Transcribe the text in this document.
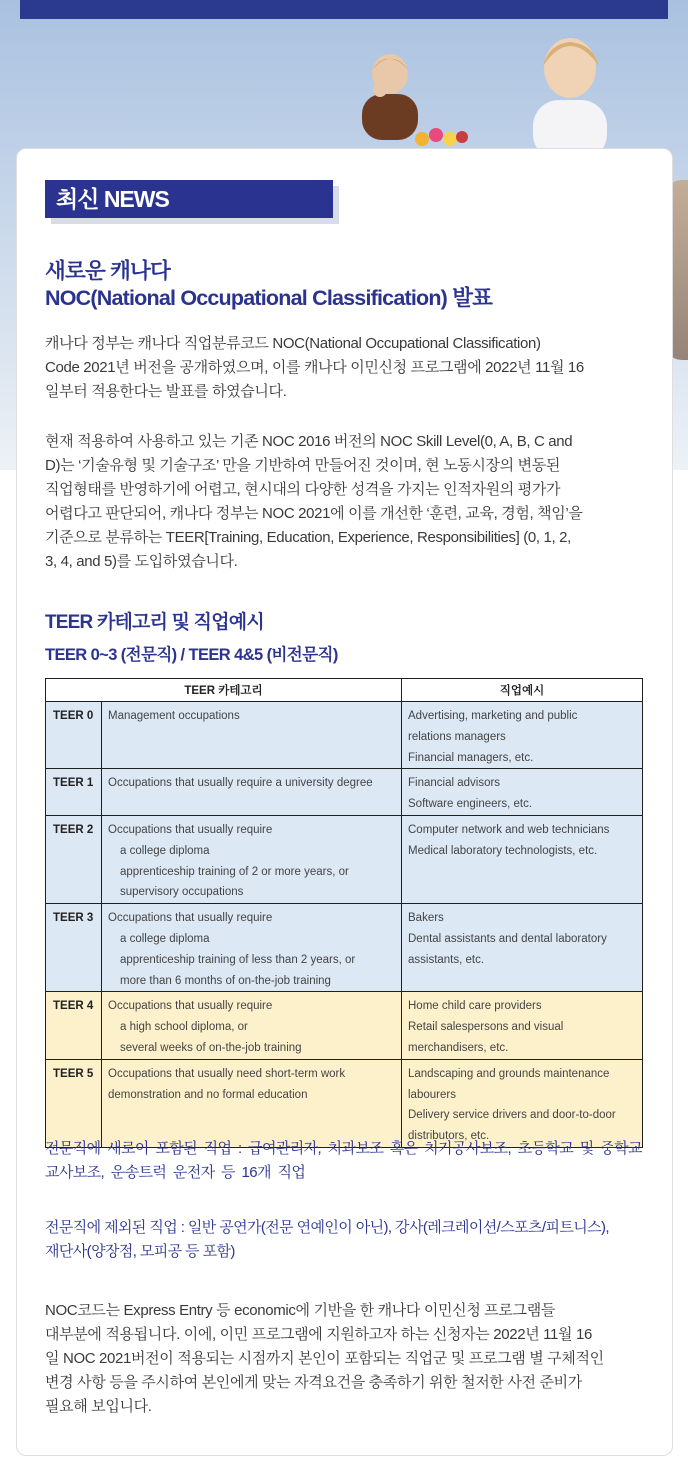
최신 NEWS
새로운 캐나다
NOC(National Occupational Classification) 발표
캐나다 정부는 캐나다 직업분류코드 NOC(National Occupational Classification)
Code 2021년 버전을 공개하였으며, 이를 캐나다 이민신청 프로그램에 2022년 11월 16
일부터 적용한다는 발표를 하였습니다.
현재 적용하여 사용하고 있는 기존 NOC 2016 버전의 NOC Skill Level(0, A, B, C and
D)는 ‘기술유형 및 기술구조’ 만을 기반하여 만들어진 것이며, 현 노동시장의 변동된
직업형태를 반영하기에 어렵고, 현시대의 다양한 성격을 가지는 인적자원의 평가가
어렵다고 판단되어, 캐나다 정부는 NOC 2021에 이를 개선한 ‘훈련, 교육, 경험, 책임’을
기준으로 분류하는 TEER[Training, Education, Experience, Responsibilities] (0, 1, 2,
3, 4, and 5)를 도입하였습니다.
TEER 카테고리 및 직업예시
TEER 0~3 (전문직) / TEER 4&5 (비전문직)
TEER 카테고리		직업예시
TEER 0	Management occupations	Advertising, marketing and public
relations managers
Financial managers, etc.

TEER 1	Occupations that usually require a university degree	Financial advisors
Software engineers, etc.

TEER 2	Occupations that usually require
a college diploma
apprenticeship training of 2 or more years, or
supervisory occupations	Computer network and web technicians
Medical laboratory technologists, etc.

TEER 3	Occupations that usually require
a college diploma
apprenticeship training of less than 2 years, or
more than 6 months of on-the-job training	Bakers
Dental assistants and dental laboratory
assistants, etc.

TEER 4	Occupations that usually require
a high school diploma, or
several weeks of on-the-job training	Home child care providers
Retail salespersons and visual
merchandisers, etc.

TEER 5	Occupations that usually need short-term work
demonstration and no formal education	Landscaping and grounds maintenance
labourers
Delivery service drivers and door-to-door
distributors, etc.
전문직에 새로이 포함된 직업 : 급여관리자, 치과보조 혹은 치기공사보조, 초등학교 및 중학교
교사보조, 운송트럭 운전자 등 16개 직업
전문직에 제외된 직업 : 일반 공연가(전문 연예인이 아닌), 강사(레크레이션/스포츠/피트니스),
재단사(양장점, 모피공 등 포함)
NOC코드는 Express Entry 등 economic에 기반을 한 캐나다 이민신청 프로그램들
대부분에 적용됩니다. 이에, 이민 프로그램에 지원하고자 하는 신청자는 2022년 11월 16
일 NOC 2021버전이 적용되는 시점까지 본인이 포함되는 직업군 및 프로그램 별 구체적인
변경 사항 등을 주시하여 본인에게 맞는 자격요건을 충족하기 위한 철저한 사전 준비가
필요해 보입니다.
